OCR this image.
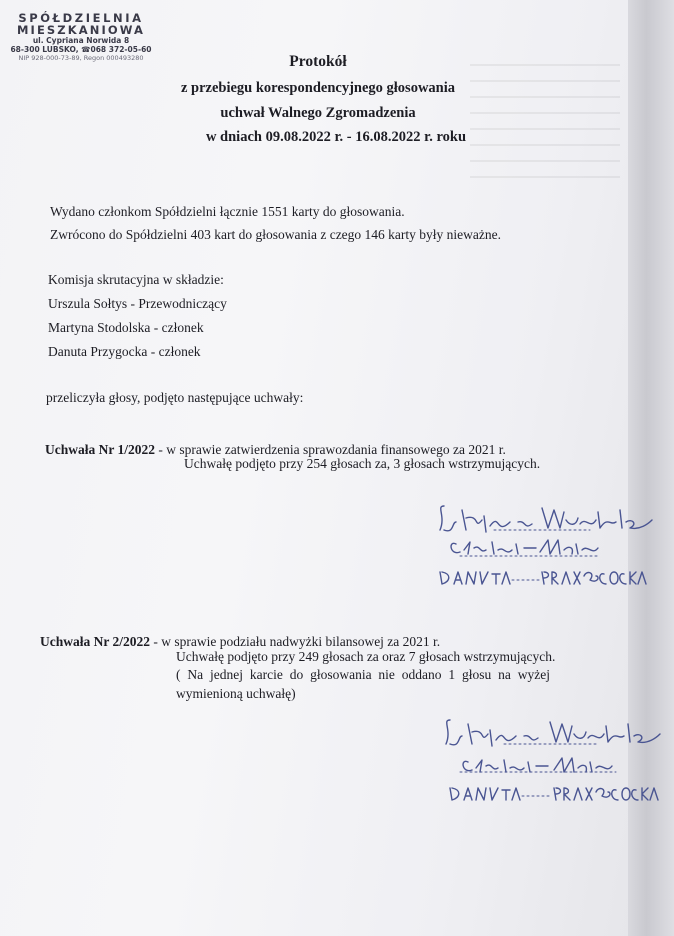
SPÓŁDZIELNIA
MIESZKANIOWA
ul. Cypriana Norwida 8
68-300 LUBSKO, ☎068 372-05-60
NIP 928-000-73-89, Regon 000493280	Protokół
z przebiegu korespondencyjnego głosowania
uchwał Walnego Zgromadzenia
w dniach 09.08.2022 r. - 16.08.2022 r. roku
Wydano członkom Spółdzielni łącznie 1551 karty do głosowania.
Zwrócono do Spółdzielni 403 kart do głosowania z czego 146 karty były nieważne.
Komisja skrutacyjna w składzie:
Urszula Sołtys - Przewodniczący
Martyna Stodolska - członek
Danuta Przygocka - członek
przeliczyła głosy, podjęto następujące uchwały:
Uchwała Nr 1/2022 - w sprawie zatwierdzenia sprawozdania finansowego za 2021 r.
Uchwałę podjęto przy 254 głosach za, 3 głosach wstrzymujących.
Uchwała Nr 2/2022 - w sprawie podziału nadwyżki bilansowej za 2021 r.
Uchwałę podjęto przy 249 głosach za oraz 7 głosach wstrzymujących.
( Na jednej karcie do głosowania nie oddano 1 głosu na wyżej
wymienioną uchwałę)
